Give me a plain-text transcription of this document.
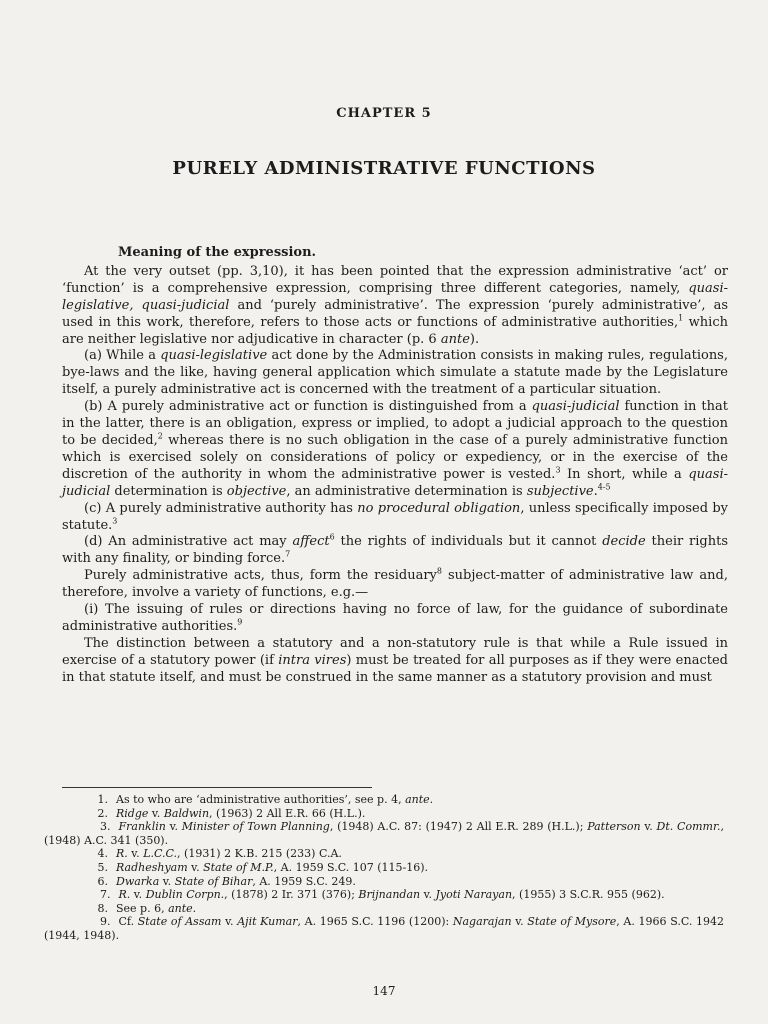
CHAPTER 5
PURELY ADMINISTRATIVE FUNCTIONS

Meaning of the expression.

At the very outset (pp. 3,10), it has been pointed that the expression administrative ‘act’ or ‘function’ is a comprehensive expression, comprising three different categories, namely, quasi-legislative, quasi-judicial and ‘purely administrative’. The expression ‘purely administrative’, as used in this work, therefore, refers to those acts or functions of administrative authorities,$^1$ which are neither legislative nor adjudicative in character (p. 6 ante).

(a) While a quasi-legislative act done by the Administration consists in making rules, regulations, bye-laws and the like, having general application which simulate a statute made by the Legislature itself, a purely administrative act is concerned with the treatment of a particular situation.

(b) A purely administrative act or function is distinguished from a quasi-judicial function in that in the latter, there is an obligation, express or implied, to adopt a judicial approach to the question to be decided,$^2$ whereas there is no such obligation in the case of a purely administrative function which is exercised solely on considerations of policy or expediency, or in the exercise of the discretion of the authority in whom the administrative power is vested.$^3$ In short, while a quasi-judicial determination is objective, an administrative determination is subjective.$^{4-5}$

(c) A purely administrative authority has no procedural obligation, unless specifically imposed by statute.$^3$

(d) An administrative act may affect$^6$ the rights of individuals but it cannot decide their rights with any finality, or binding force.$^7$

Purely administrative acts, thus, form the residuary$^8$ subject-matter of administrative law and, therefore, involve a variety of functions, e.g.—

(i) The issuing of rules or directions having no force of law, for the guidance of subordinate administrative authorities.$^9$

The distinction between a statutory and a non-statutory rule is that while a Rule issued in exercise of a statutory power (if intra vires) must be treated for all purposes as if they were enacted in that statute itself, and must be construed in the same manner as a statutory provision and must

1. As to who are ‘administrative authorities’, see p. 4, ante.
2. Ridge v. Baldwin, (1963) 2 All E.R. 66 (H.L.).
3. Franklin v. Minister of Town Planning, (1948) A.C. 87: (1947) 2 All E.R. 289 (H.L.); Patterson v. Dt. Commr., (1948) A.C. 341 (350).
4. R. v. L.C.C., (1931) 2 K.B. 215 (233) C.A.
5. Radheshyam v. State of M.P., A. 1959 S.C. 107 (115-16).
6. Dwarka v. State of Bihar, A. 1959 S.C. 249.
7. R. v. Dublin Corpn., (1878) 2 Ir. 371 (376); Brijnandan v. Jyoti Narayan, (1955) 3 S.C.R. 955 (962).
8. See p. 6, ante.
9. Cf. State of Assam v. Ajit Kumar, A. 1965 S.C. 1196 (1200): Nagarajan v. State of Mysore, A. 1966 S.C. 1942 (1944, 1948).
147
